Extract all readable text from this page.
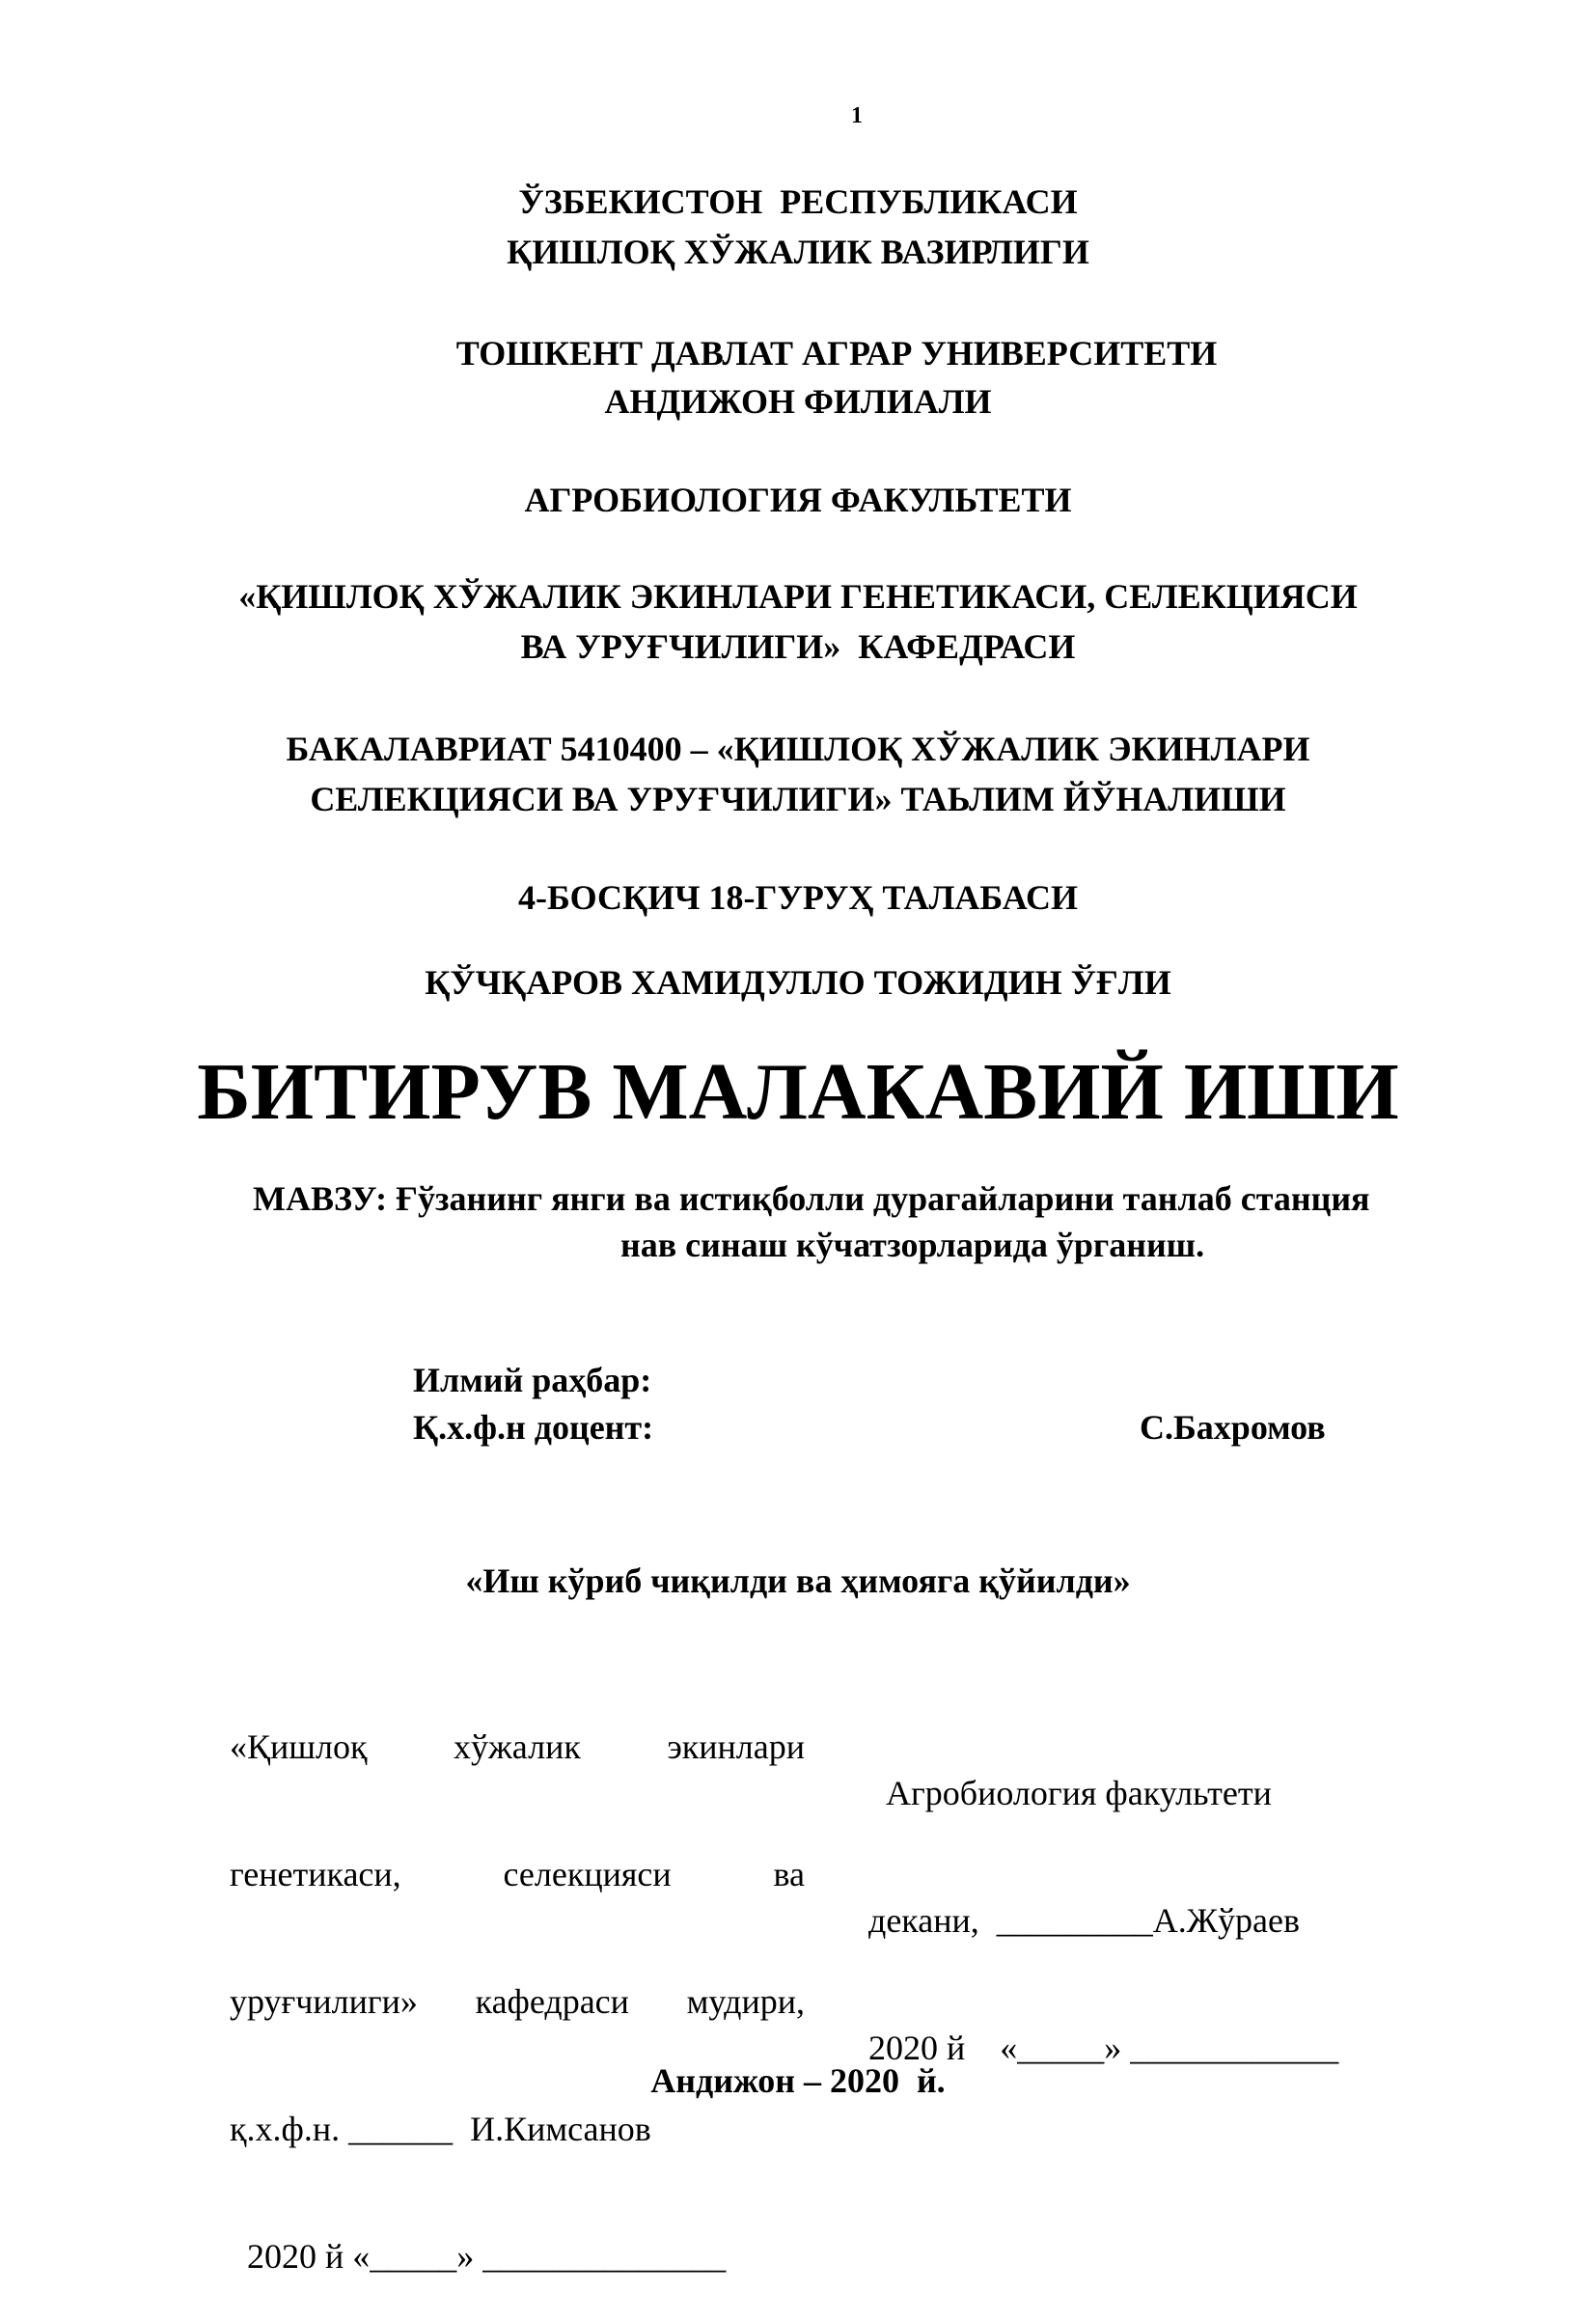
1
ЎЗБЕКИСТОН  РЕСПУБЛИКАСИ
ҚИШЛОҚ ХЎЖАЛИК ВАЗИРЛИГИ
ТОШКЕНТ ДАВЛАТ АГРАР УНИВЕРСИТЕТИ
АНДИЖОН ФИЛИАЛИ
АГРОБИОЛОГИЯ ФАКУЛЬТЕТИ
«ҚИШЛОҚ ХЎЖАЛИК ЭКИНЛАРИ ГЕНЕТИКАСИ, СЕЛЕКЦИЯСИ
ВА УРУҒЧИЛИГИ»  КАФЕДРАСИ
БАКАЛАВРИАТ 5410400 – «ҚИШЛОҚ ХЎЖАЛИК ЭКИНЛАРИ
СЕЛЕКЦИЯСИ ВА УРУҒЧИЛИГИ» ТАЬЛИМ ЙЎНАЛИШИ
4-БОСҚИЧ 18-ГУРУҲ ТАЛАБАСИ
ҚЎЧҚАРОВ ХАМИДУЛЛО ТОЖИДИН ЎҒЛИ
БИТИРУВ МАЛАКАВИЙ ИШИ
МАВЗУ: Ғўзанинг янги ва истиқболли дурагайларини танлаб станция
нав синаш кўчатзорларида ўрганиш.
Илмий раҳбар:
Қ.х.ф.н доцент:	С.Бахромов
«Иш кўриб чиқилди ва ҳимояга қўйилди»

«Қишлоқ хўжалик экинлари

генетикаси,	селекцияси	ва

уруғчилиги» кафедраси мудири,

қ.х.ф.н. ______  И.Кимсанов

2020 й «_____» ______________

Агробиология факультети

декани,  _________А.Жўраев

2020 й    «_____» ____________

Андижон – 2020  й.
